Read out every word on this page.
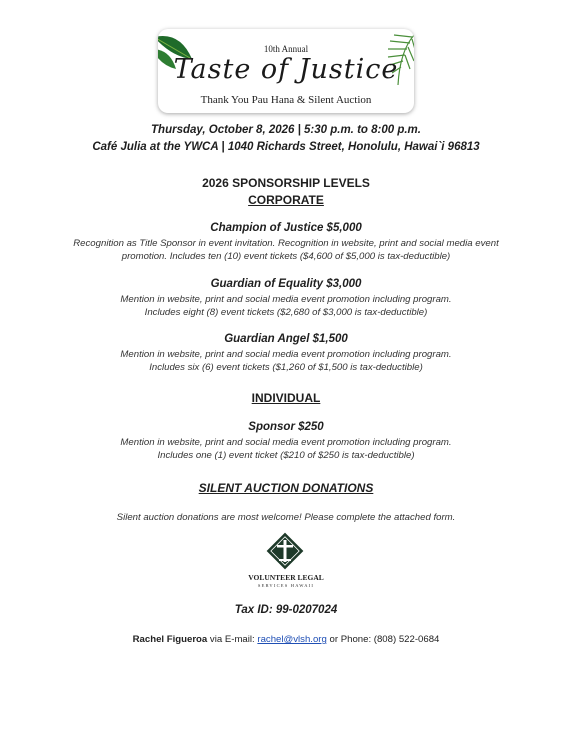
10th Annual
Taste of Justice
Thank You Pau Hana & Silent Auction
Thursday, October 8, 2026 | 5:30 p.m. to 8:00 p.m.
Café Julia at the YWCA | 1040 Richards Street, Honolulu, Hawai`i 96813
2026 SPONSORSHIP LEVELS
CORPORATE
Champion of Justice $5,000
Recognition as Title Sponsor in event invitation. Recognition in website, print and social media event
promotion. Includes ten (10) event tickets ($4,600 of $5,000 is tax-deductible)
Guardian of Equality $3,000
Mention in website, print and social media event promotion including program.
Includes eight (8) event tickets ($2,680 of $3,000 is tax-deductible)
Guardian Angel $1,500
Mention in website, print and social media event promotion including program.
Includes six (6) event tickets ($1,260 of $1,500 is tax-deductible)
INDIVIDUAL
Sponsor $250
Mention in website, print and social media event promotion including program.
Includes one (1) event ticket ($210 of $250 is tax-deductible)
SILENT AUCTION DONATIONS
Silent auction donations are most welcome! Please complete the attached form.
VOLUNTEER LEGAL
SERVICES HAWAII
Tax ID: 99-0207024
Rachel Figueroa via E-mail: rachel@vlsh.org or Phone: (808) 522-0684
